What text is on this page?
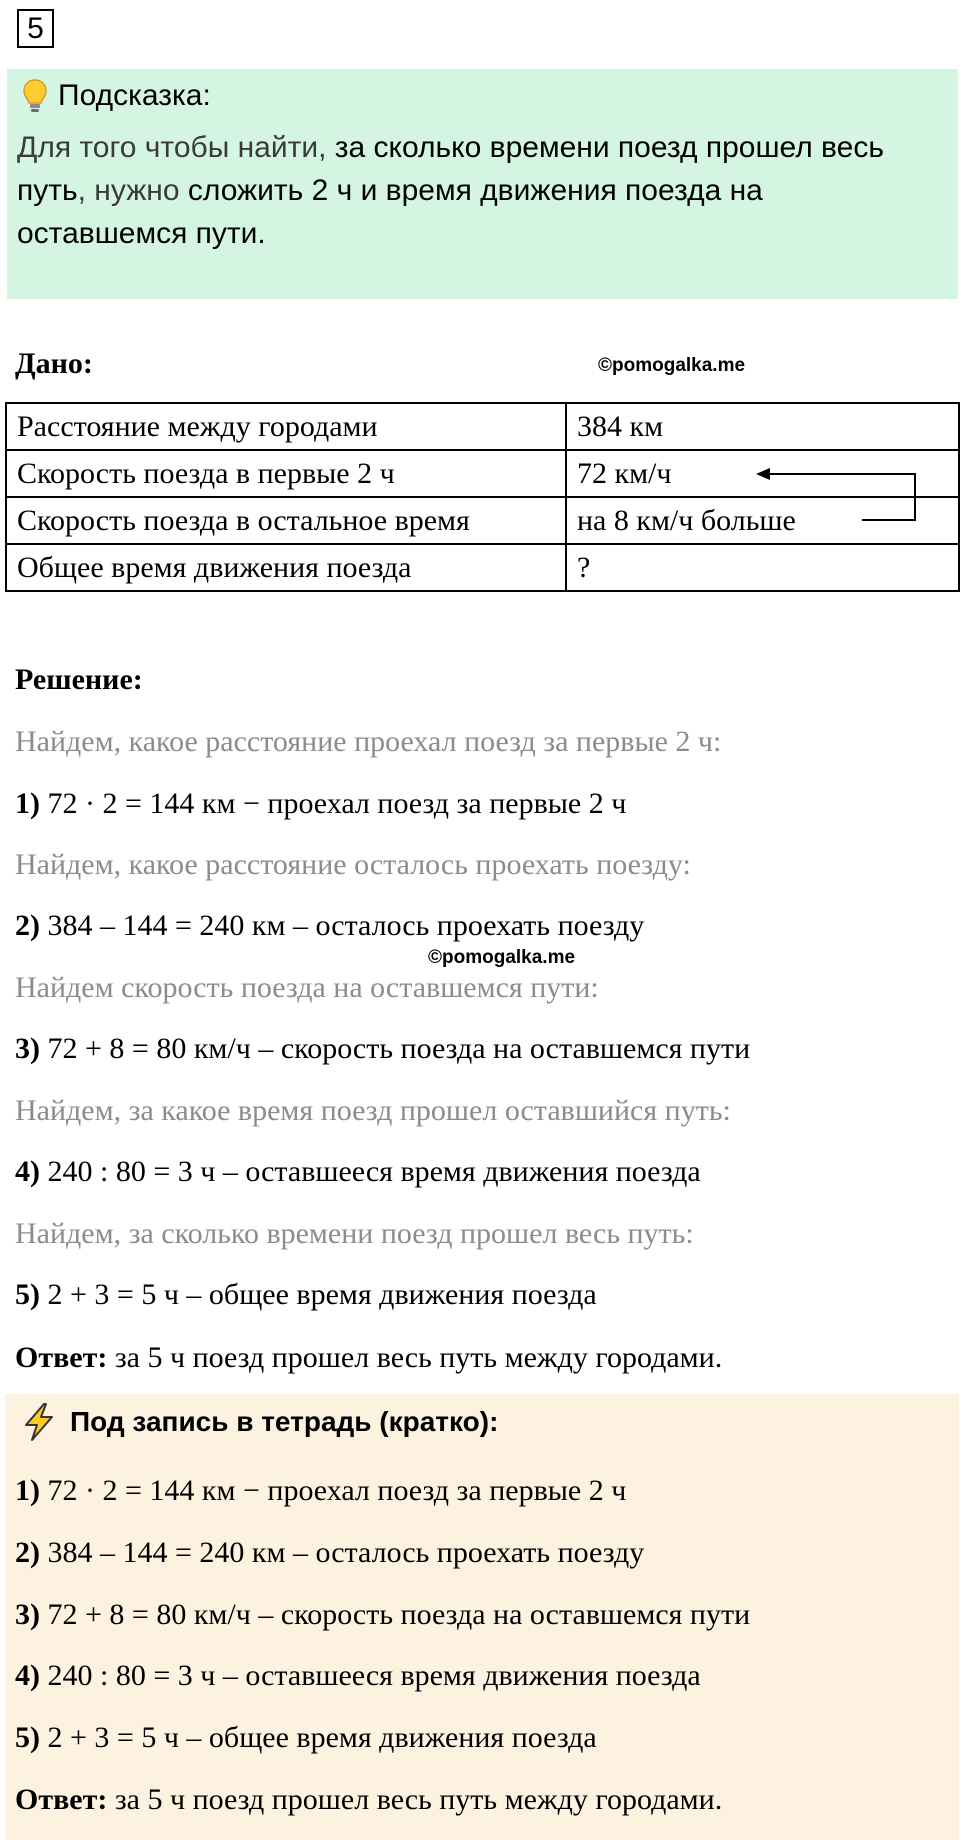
5
Подсказка:
Для того чтобы найти, за сколько времени поезд прошел весь путь, нужно сложить 2 ч и время движения поезда на оставшемся пути.
Дано:	©pomogalka.me
Расстояние между городами	384 км
Скорость поезда в первые 2 ч	72 км/ч
Скорость поезда в остальное время	на 8 км/ч больше
Общее время движения поезда	?
Решение:
Найдем, какое расстояние проехал поезд за первые 2 ч:
1) 72 · 2 = 144 км − проехал поезд за первые 2 ч
Найдем, какое расстояние осталось проехать поезду:
2) 384 – 144 = 240 км – осталось проехать поезду
©pomogalka.me
Найдем скорость поезда на оставшемся пути:
3) 72 + 8 = 80 км/ч – скорость поезда на оставшемся пути
Найдем, за какое время поезд прошел оставшийся путь:
4) 240 : 80 = 3 ч – оставшееся время движения поезда
Найдем, за сколько времени поезд прошел весь путь:
5) 2 + 3 = 5 ч – общее время движения поезда
Ответ: за 5 ч поезд прошел весь путь между городами.
Под запись в тетрадь (кратко):
1) 72 · 2 = 144 км − проехал поезд за первые 2 ч
2) 384 – 144 = 240 км – осталось проехать поезду
3) 72 + 8 = 80 км/ч – скорость поезда на оставшемся пути
4) 240 : 80 = 3 ч – оставшееся время движения поезда
5) 2 + 3 = 5 ч – общее время движения поезда
Ответ: за 5 ч поезд прошел весь путь между городами.
